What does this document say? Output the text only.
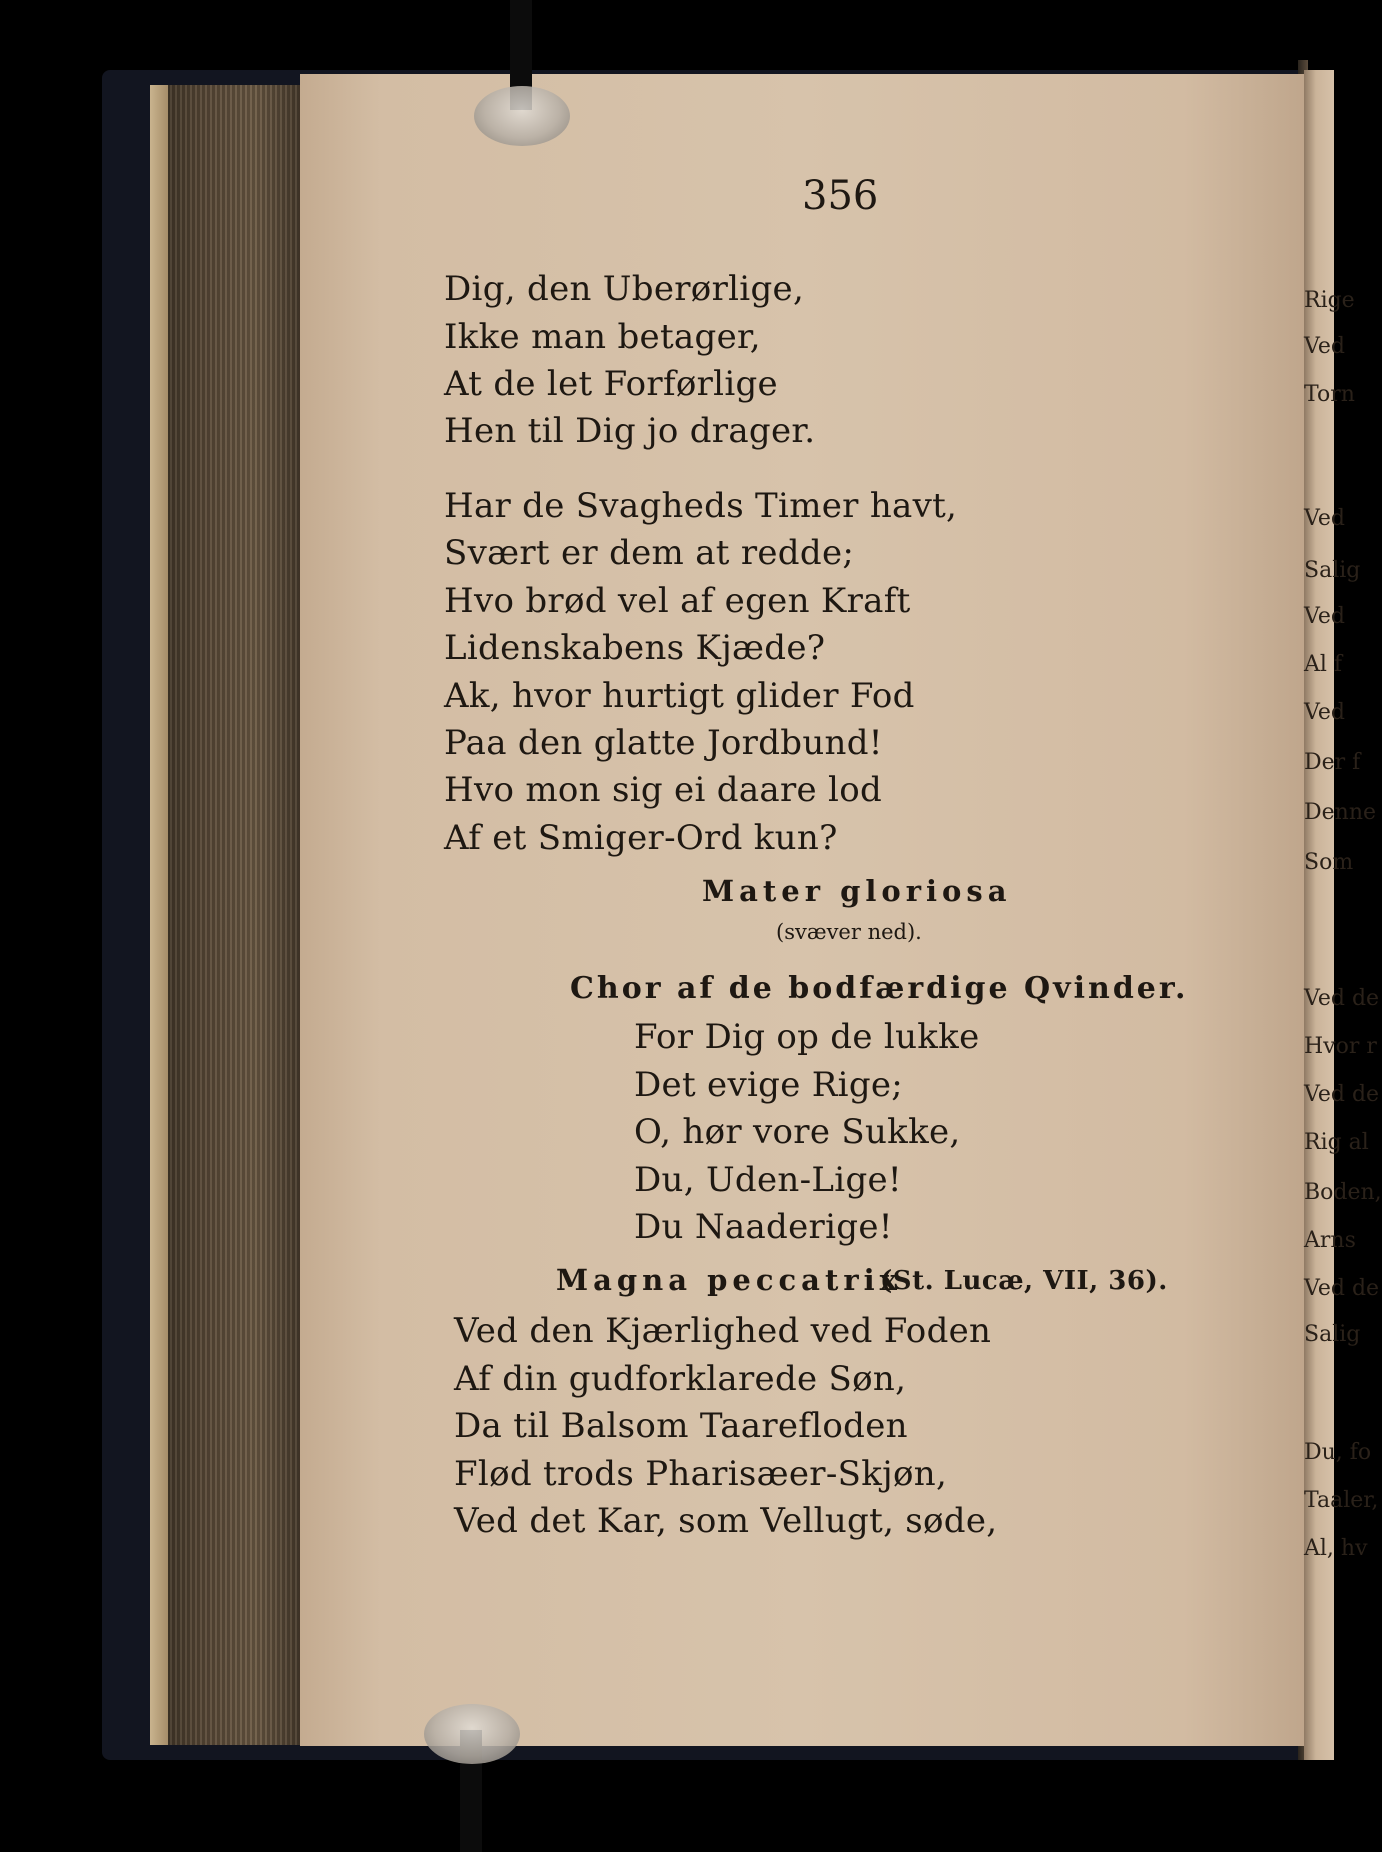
356
Dig, den Uberørlige,
Ikke man betager,
At de let Forførlige
Hen til Dig jo drager.
Har de Svagheds Timer havt,
Svært er dem at redde;
Hvo brød vel af egen Kraft
Lidenskabens Kjæde?
Ak, hvor hurtigt glider Fod
Paa den glatte Jordbund!
Hvo mon sig ei daare lod
Af et Smiger-Ord kun?
Mater gloriosa
(svæver ned).
Chor af de bodfærdige Qvinder.
For Dig op de lukke
Det evige Rige;
O, hør vore Sukke,
Du, Uden-Lige!
Du Naaderige!
Magna peccatrix
(St. Lucæ, VII, 36).
Ved den Kjærlighed ved Foden
Af din gudforklarede Søn,
Da til Balsom Taarefloden
Flød trods Pharisæer-Skjøn,
Ved det Kar, som Vellugt, søde,
Rige
Ved
Torn
Ved
Salig
Ved
Al f
Ved
Der f
Denne
Som
Ved de
Hvor r
Ved de
Rig al
Boden,
Arns
Ved de
Salig
Du, fo
Taaler,
Al, hv
